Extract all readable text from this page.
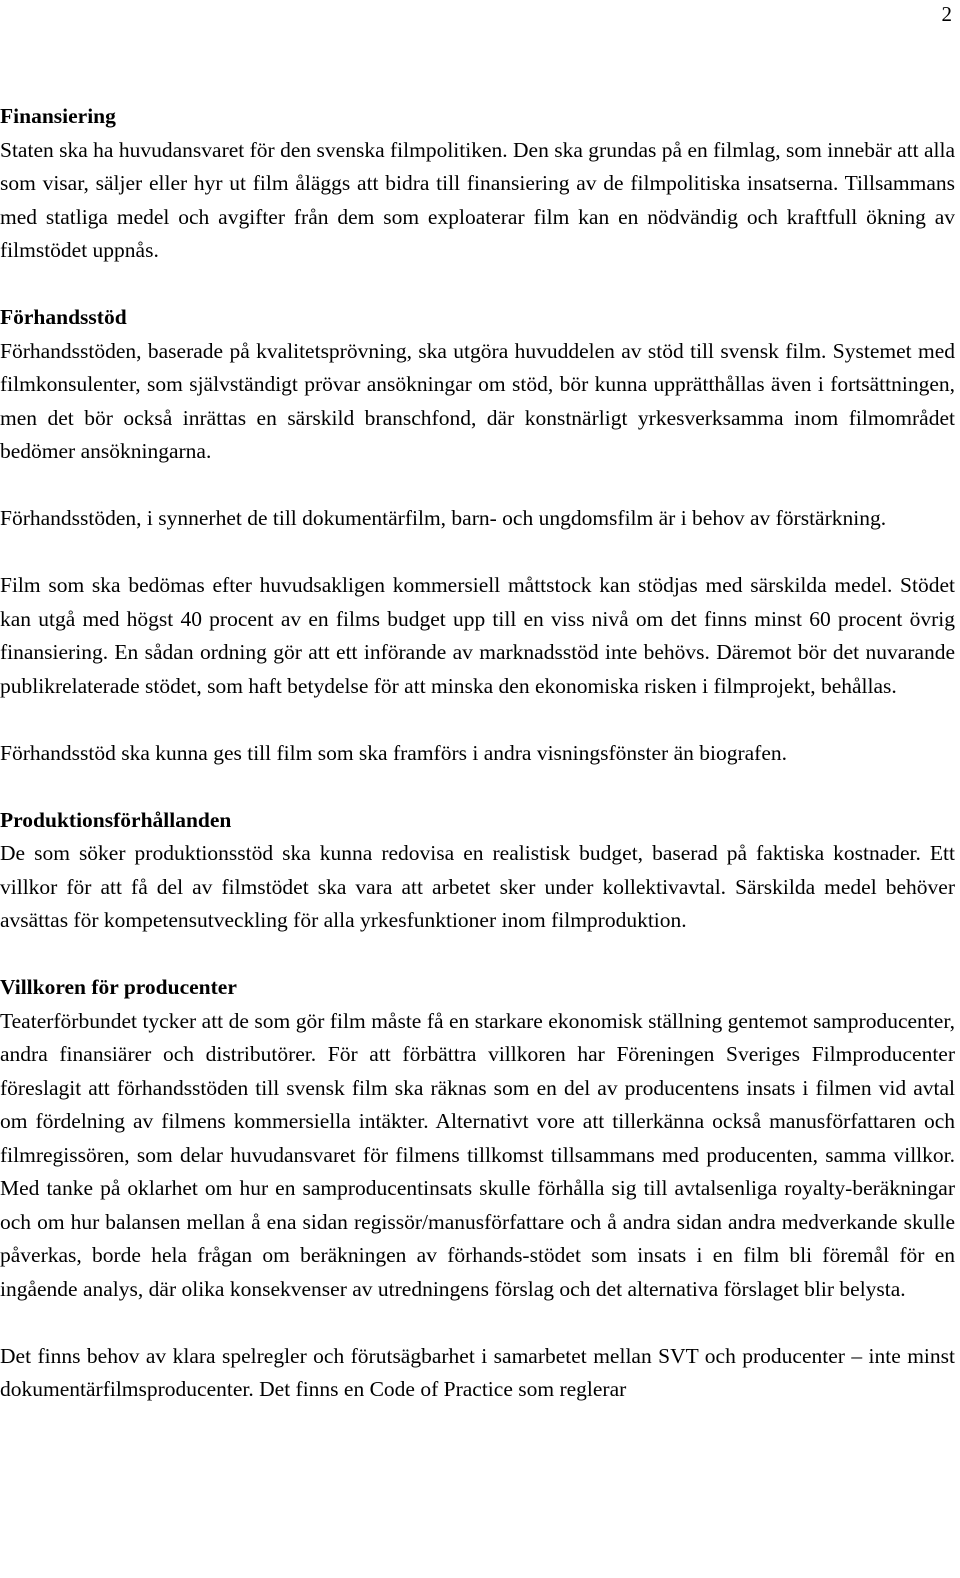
2
Finansiering

Staten ska ha huvudansvaret för den svenska filmpolitiken. Den ska grundas på en filmlag, som innebär att alla som visar, säljer eller hyr ut film åläggs att bidra till finansiering av de filmpolitiska insatserna. Tillsammans med statliga medel och avgifter från dem som exploaterar film kan en nödvändig och kraftfull ökning av filmstödet uppnås.

Förhandsstöd

Förhandsstöden, baserade på kvalitetsprövning, ska utgöra huvuddelen av stöd till svensk film. Systemet med filmkonsulenter, som självständigt prövar ansökningar om stöd, bör kunna upprätthållas även i fortsättningen, men det bör också inrättas en särskild branschfond, där konstnärligt yrkesverksamma inom filmområdet bedömer ansökningarna.

Förhandsstöden, i synnerhet de till dokumentärfilm, barn- och ungdomsfilm är i behov av förstärkning.

Film som ska bedömas efter huvudsakligen kommersiell måttstock kan stödjas med särskilda medel. Stödet kan utgå med högst 40 procent av en films budget upp till en viss nivå om det finns minst 60 procent övrig finansiering. En sådan ordning gör att ett införande av marknadsstöd inte behövs. Däremot bör det nuvarande publikrelaterade stödet, som haft betydelse för att minska den ekonomiska risken i filmprojekt, behållas.

Förhandsstöd ska kunna ges till film som ska framförs i andra visningsfönster än biografen.

Produktionsförhållanden

De som söker produktionsstöd ska kunna redovisa en realistisk budget, baserad på faktiska kostnader. Ett villkor för att få del av filmstödet ska vara att arbetet sker under kollektivavtal. Särskilda medel behöver avsättas för kompetensutveckling för alla yrkesfunktioner inom filmproduktion.

Villkoren för producenter

Teaterförbundet tycker att de som gör film måste få en starkare ekonomisk ställning gentemot samproducenter, andra finansiärer och distributörer. För att förbättra villkoren har Föreningen Sveriges Filmproducenter föreslagit att förhandsstöden till svensk film ska räknas som en del av producentens insats i filmen vid avtal om fördelning av filmens kommersiella intäkter. Alternativt vore att tillerkänna också manusförfattaren och filmregissören, som delar huvudansvaret för filmens tillkomst tillsammans med producenten, samma villkor. Med tanke på oklarhet om hur en samproducentinsats skulle förhålla sig till avtalsenliga royalty-beräkningar och om hur balansen mellan å ena sidan regissör/manusförfattare och å andra sidan andra medverkande skulle påverkas, borde hela frågan om beräkningen av förhands-stödet som insats i en film bli föremål för en ingående analys, där olika konsekvenser av utredningens förslag och det alternativa förslaget blir belysta.

Det finns behov av klara spelregler och förutsägbarhet i samarbetet mellan SVT och producenter – inte minst dokumentärfilmsproducenter. Det finns en Code of Practice som reglerar
